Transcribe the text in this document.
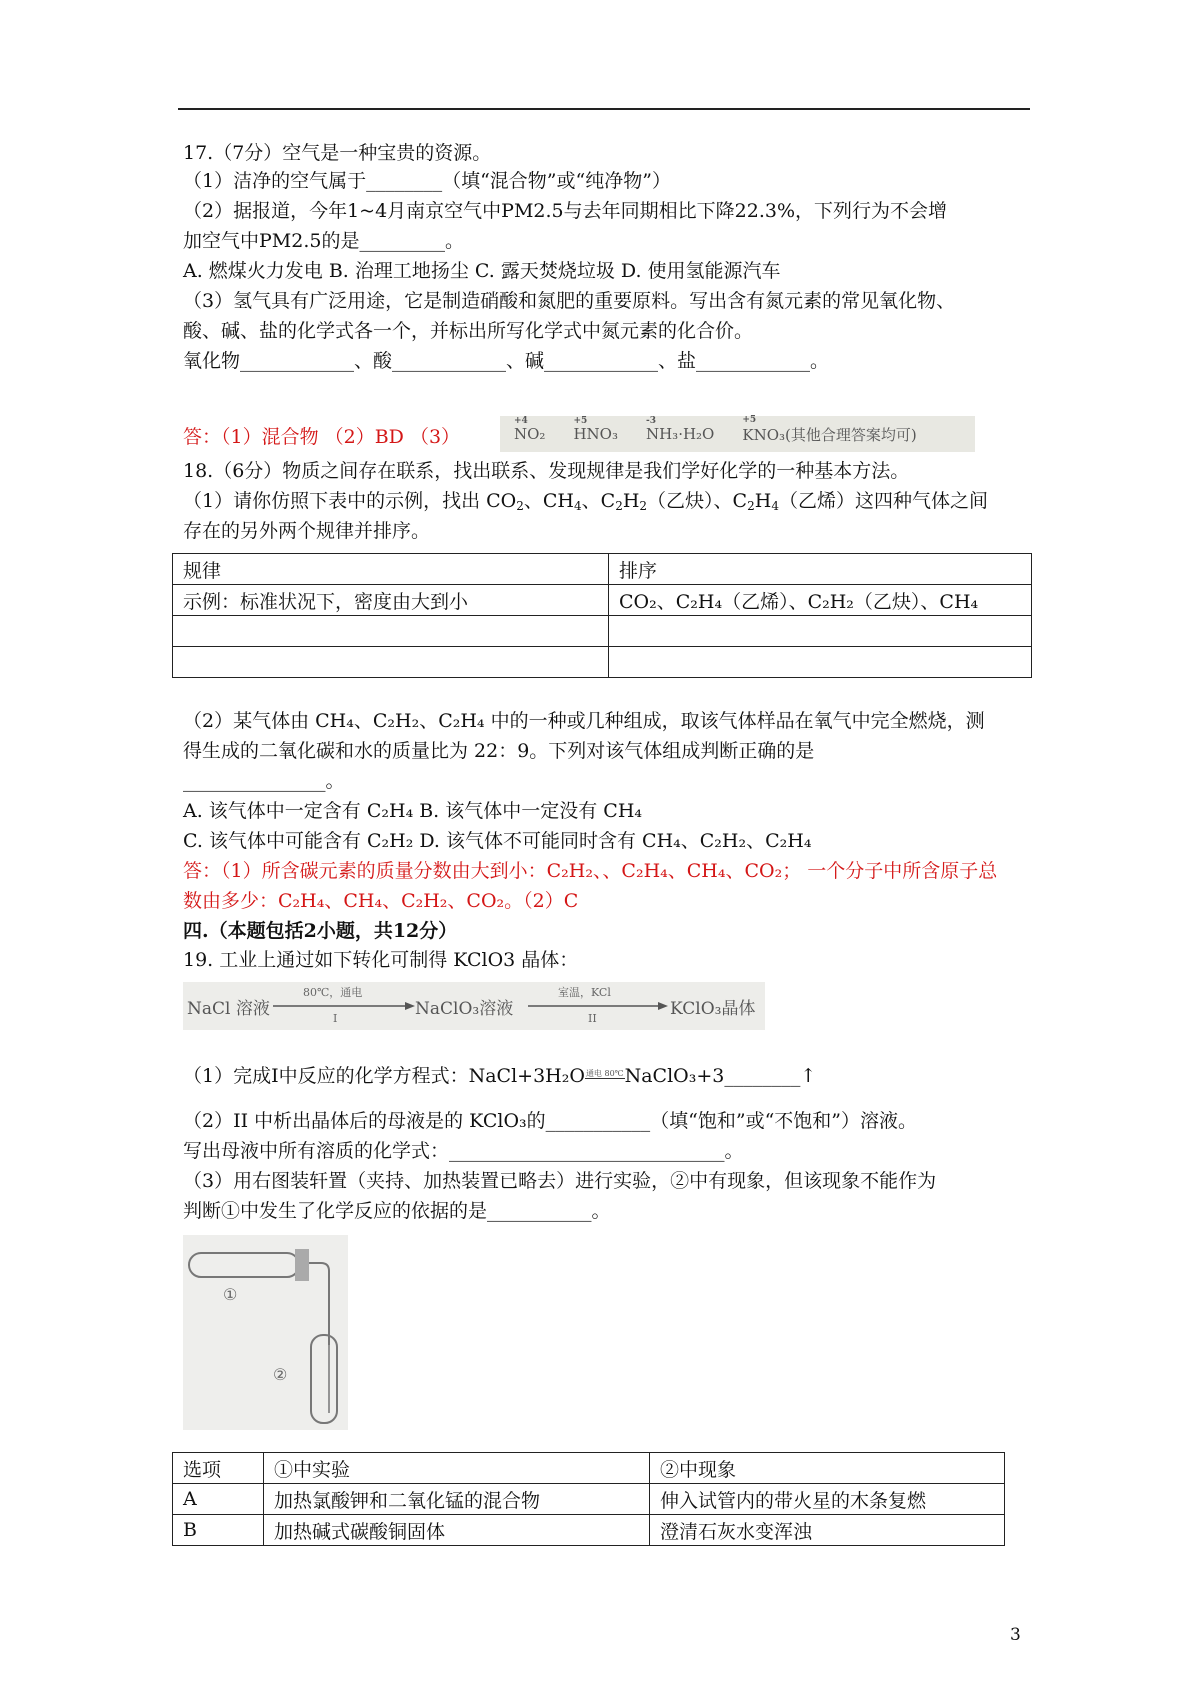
17.（7分）空气是一种宝贵的资源。
（1）洁净的空气属于________（填“混合物”或“纯净物”）
（2）据报道，今年1~4月南京空气中PM2.5与去年同期相比下降22.3%，下列行为不会增
加空气中PM2.5的是_________。
A. 燃煤火力发电 B. 治理工地扬尘 C. 露天焚烧垃圾 D. 使用氢能源汽车
（3）氢气具有广泛用途，它是制造硝酸和氮肥的重要原料。写出含有氮元素的常见氧化物、
酸、碱、盐的化学式各一个，并标出所写化学式中氮元素的化合价。
氧化物____________、酸____________、碱____________、盐____________。
答：（1）混合物 （2）BD （3）
+4
NO₂
+5
HNO₃
-3
NH₃·H₂O
+5
KNO₃(其他合理答案均可)
18.（6分）物质之间存在联系，找出联系、发现规律是我们学好化学的一种基本方法。
（1）请你仿照下表中的示例，找出 $CO_2$、$CH_4$、$C_2H_2$（乙炔）、$C_2H_4$（乙烯）这四种气体之间
存在的另外两个规律并排序。
规律	排序
示例：标准状况下，密度由大到小	CO₂、C₂H₄（乙烯）、C₂H₂（乙炔）、CH₄

（2）某气体由 CH₄、C₂H₂、C₂H₄ 中的一种或几种组成，取该气体样品在氧气中完全燃烧，测
得生成的二氧化碳和水的质量比为 22：9。下列对该气体组成判断正确的是
_______________。
A. 该气体中一定含有 C₂H₄ B. 该气体中一定没有 CH₄
C. 该气体中可能含有 C₂H₂ D. 该气体不可能同时含有 CH₄、C₂H₂、C₂H₄
答：（1）所含碳元素的质量分数由大到小：C₂H₂、、C₂H₄、CH₄、CO₂； 一个分子中所含原子总
数由多少：C₂H₄、CH₄、C₂H₂、CO₂。（2）C
四.（本题包括2小题，共12分）
19. 工业上通过如下转化可制得 KClO3 晶体：
NaCl 溶液
80℃，通电
I	NaClO₃溶液
室温，KCl
II	KClO₃晶体
（1）完成Ⅰ中反应的化学方程式：NaCl+3H₂O通电 80℃NaClO₃+3________↑
（2）II 中析出晶体后的母液是的 KClO₃的___________（填“饱和”或“不饱和”）溶液。
写出母液中所有溶质的化学式：_____________________________。
（3）用右图装轩置（夹持、加热装置已略去）进行实验，②中有现象，但该现象不能作为
判断①中发生了化学反应的依据的是___________。
①
②
选项	①中实验	②中现象
A	加热氯酸钾和二氧化锰的混合物	伸入试管内的带火星的木条复燃
B	加热碱式碳酸铜固体	澄清石灰水变浑浊
3
